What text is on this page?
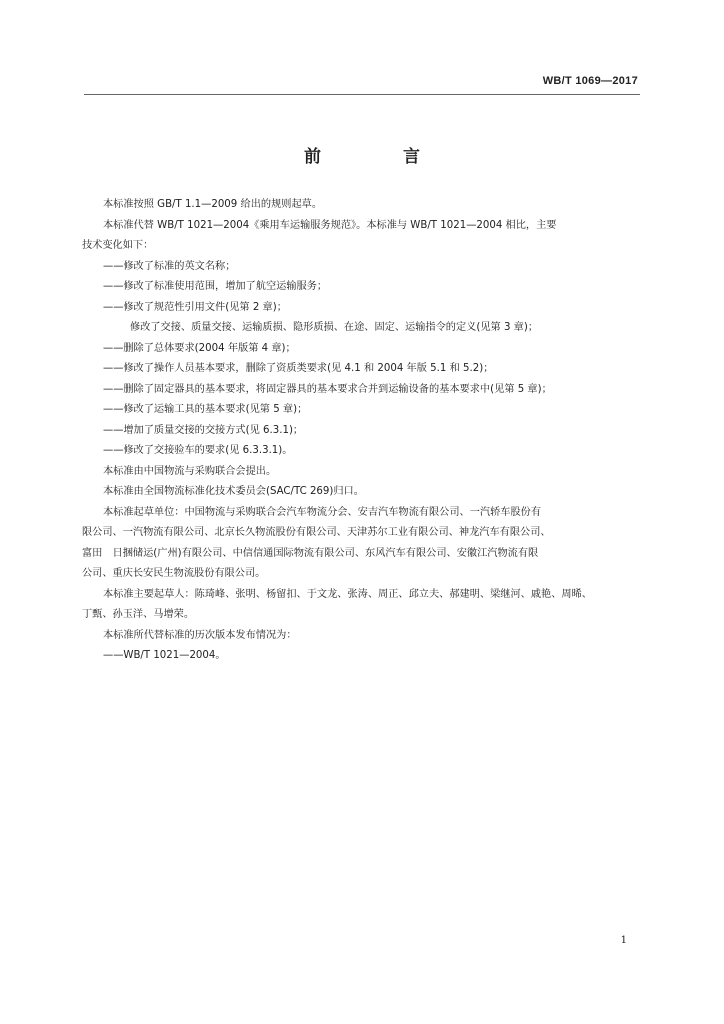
WB/T 1069—2017
前 言

本标准按照 GB/T 1.1—2009 给出的规则起草。

本标准代替 WB/T 1021—2004《乘用车运输服务规范》。本标准与 WB/T 1021—2004 相比，主要

技术变化如下：

——修改了标准的英文名称；

——修改了标准使用范围，增加了航空运输服务；

——修改了规范性引用文件(见第 2 章)；

修改了交接、质量交接、运输质损、隐形质损、在途、固定、运输指令的定义(见第 3 章)；

——删除了总体要求(2004 年版第 4 章)；

——修改了操作人员基本要求，删除了资质类要求(见 4.1 和 2004 年版 5.1 和 5.2)；

——删除了固定器具的基本要求，将固定器具的基本要求合并到运输设备的基本要求中(见第 5 章)；

——修改了运输工具的基本要求(见第 5 章)；

——增加了质量交接的交接方式(见 6.3.1)；

——修改了交接验车的要求(见 6.3.3.1)。

本标准由中国物流与采购联合会提出。

本标准由全国物流标准化技术委员会(SAC/TC 269)归口。

本标准起草单位：中国物流与采购联合会汽车物流分会、安吉汽车物流有限公司、一汽轿车股份有

限公司、一汽物流有限公司、北京长久物流股份有限公司、天津苏尔工业有限公司、神龙汽车有限公司、

富田　日捆储运(广州)有限公司、中信信通国际物流有限公司、东风汽车有限公司、安徽江汽物流有限

公司、重庆长安民生物流股份有限公司。

本标准主要起草人：陈琦峰、张明、杨留扣、于文龙、张涛、周正、邱立夫、郝建明、梁继河、戚艳、周晞、

丁甄、孙玉洋、马增荣。

本标准所代替标准的历次版本发布情况为：

——WB/T 1021—2004。

1
